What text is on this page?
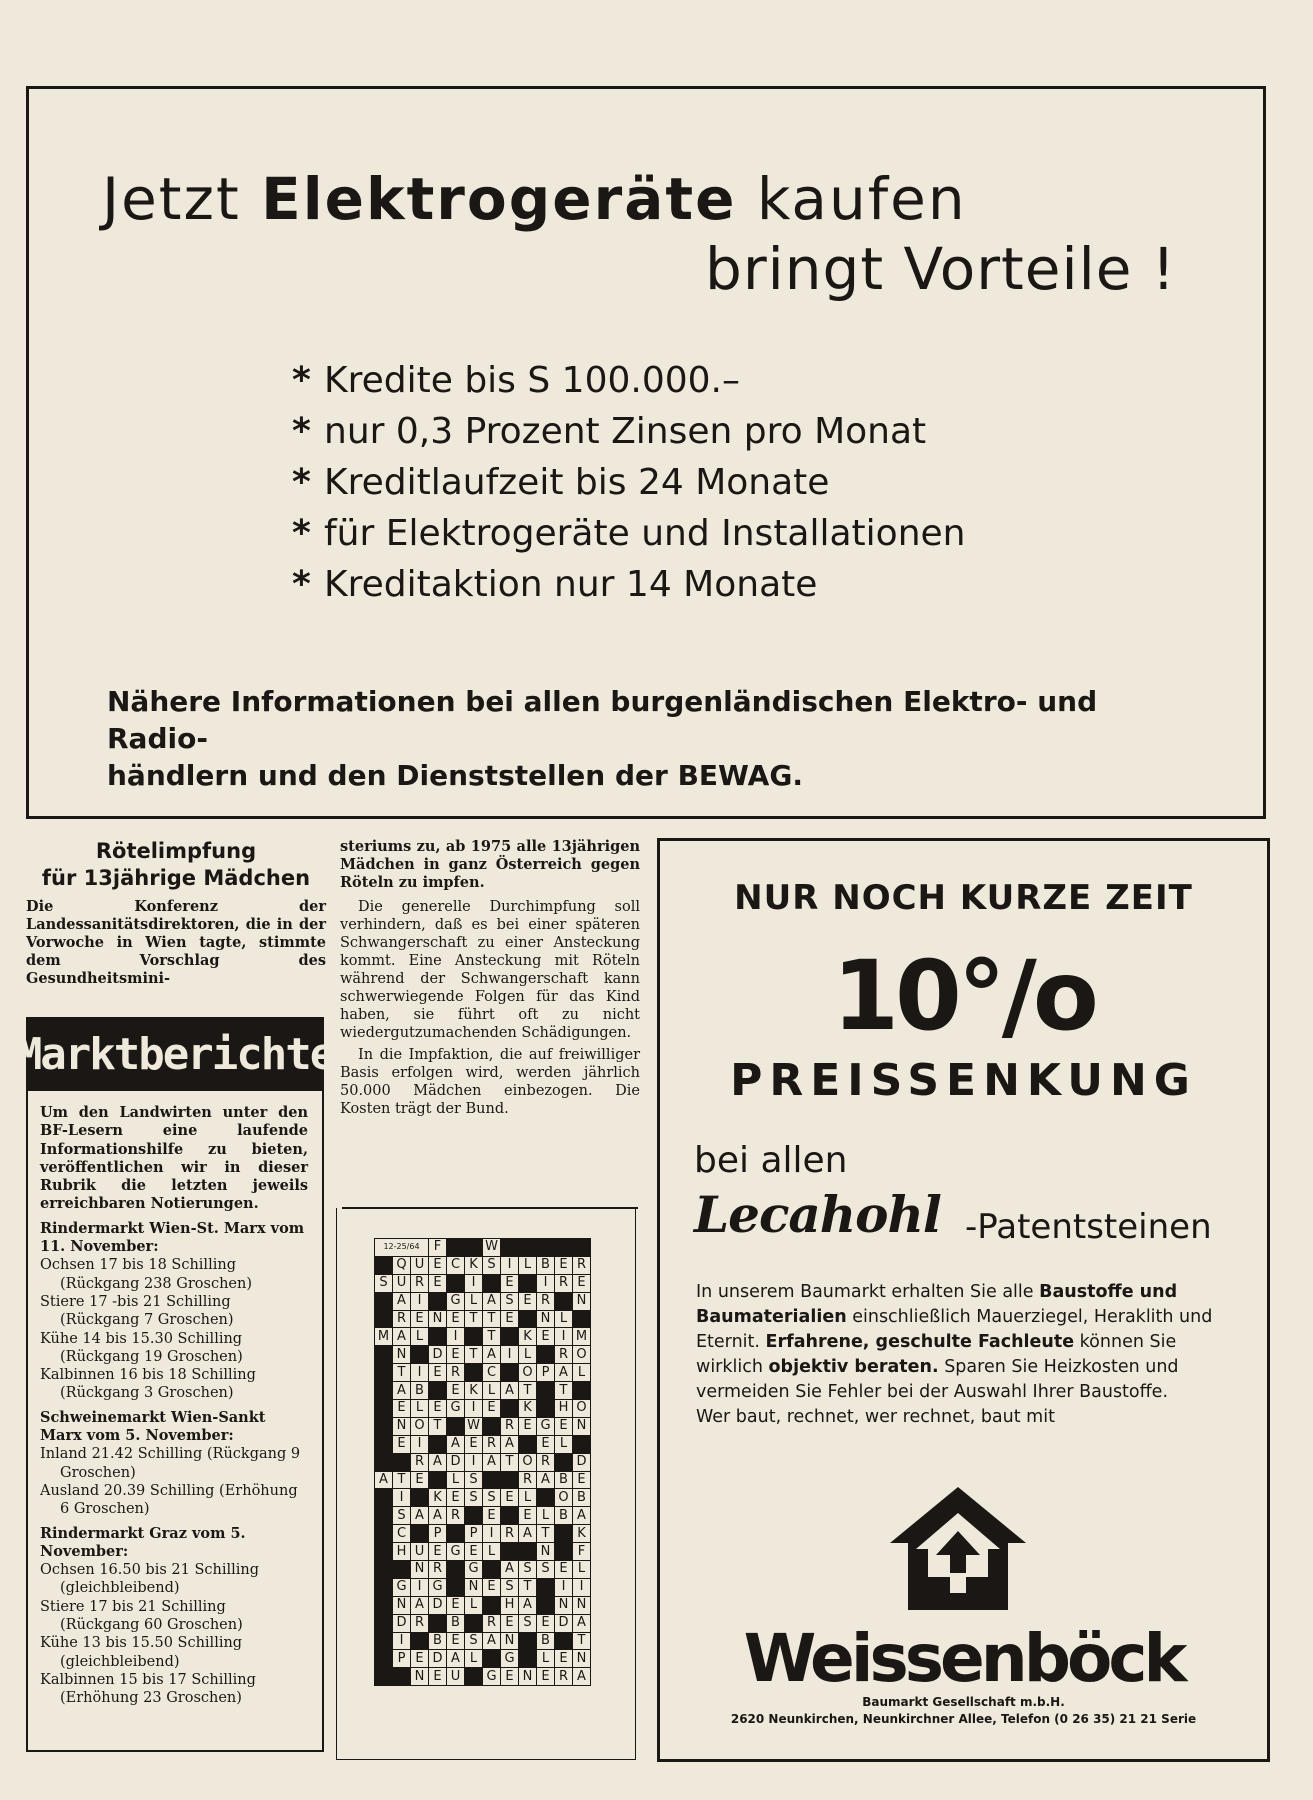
Jetzt Elektrogeräte kaufen
bringt Vorteile !
* Kredite bis S 100.000.–
* nur 0,3 Prozent Zinsen pro Monat
* Kreditlaufzeit bis 24 Monate
* für Elektrogeräte und Installationen
* Kreditaktion nur 14 Monate
Nähere Informationen bei allen burgenländischen Elektro- und Radio-
händlern und den Dienststellen der BEWAG.
Rötelimpfung
für 13jährige Mädchen
Die Konferenz der Landessanitätsdirektoren, die in der Vorwoche in Wien tagte, stimmte dem Vorschlag des Gesundheitsmini-
Marktberichte
Um den Landwirten unter den BF-Lesern eine laufende Informationshilfe zu bieten, veröffentlichen wir in dieser Rubrik die letzten jeweils erreichbaren Notierungen.
Rindermarkt Wien-St. Marx vom 11. November:
Ochsen 17 bis 18 Schilling (Rückgang 238 Groschen)
Stiere 17 -bis 21 Schilling (Rückgang 7 Groschen)
Kühe 14 bis 15.30 Schilling (Rückgang 19 Groschen)
Kalbinnen 16 bis 18 Schilling (Rückgang 3 Groschen)
Schweinemarkt Wien-Sankt Marx vom 5. November:
Inland 21.42 Schilling (Rückgang 9 Groschen)
Ausland 20.39 Schilling (Erhöhung 6 Groschen)
Rindermarkt Graz vom 5. November:
Ochsen 16.50 bis 21 Schilling (gleichbleibend)
Stiere 17 bis 21 Schilling (Rückgang 60 Groschen)
Kühe 13 bis 15.50 Schilling (gleichbleibend)
Kalbinnen 15 bis 17 Schilling (Erhöhung 23 Groschen)
steriums zu, ab 1975 alle 13jährigen Mädchen in ganz Österreich gegen Röteln zu impfen.

Die generelle Durchimpfung soll verhindern, daß es bei einer späteren Schwangerschaft zu einer Ansteckung kommt. Eine Ansteckung mit Röteln während der Schwangerschaft kann schwerwiegende Folgen für das Kind haben, sie führt oft zu nicht wiedergutzumachenden Schädigungen.

In die Impfaktion, die auf freiwilliger Basis erfolgen wird, werden jährlich 50.000 Mädchen einbezogen. Die Kosten trägt der Bund.

12-25/64			F			W					
	Q	U	E	C	K	S	I	L	B	E	R
S	U	R	E		I		E		I	R	E
	A	I		G	L	A	S	E	R		N
	R	E	N	E	T	T	E		N	L	
M	A	L		I		T		K	E	I	M
	N		D	E	T	A	I	L		R	O
	T	I	E	R		C		O	P	A	L
	A	B		E	K	L	A	T		T	
	E	L	E	G	I	E		K		H	O
	N	O	T		W		R	E	G	E	N
	E	I		A	E	R	A		E	L	
		R	A	D	I	A	T	O	R		D
A	T	E		L	S			R	A	B	E
	I		K	E	S	S	E	L		O	B
	S	A	A	R		E		E	L	B	A
	C		P		P	I	R	A	T		K
	H	U	E	G	E	L			N		F
		N	R		G		A	S	S	E	L
	G	I	G		N	E	S	T		I	I
	N	A	D	E	L		H	A		N	N
	D	R		B		R	E	S	E	D	A
	I		B	E	S	A	N		B		T
	P	E	D	A	L		G		L	E	N
		N	E	U		G	E	N	E	R	A
NUR NOCH KURZE ZEIT
10°/o
PREISSENKUNG
bei allen
Lecahohl -Patentsteinen
In unserem Baumarkt erhalten Sie alle Baustoffe und Baumaterialien einschließlich Mauerziegel, Heraklith und Eternit. Erfahrene, geschulte Fachleute können Sie wirklich objektiv beraten. Sparen Sie Heizkosten und vermeiden Sie Fehler bei der Auswahl Ihrer Baustoffe.
Wer baut, rechnet, wer rechnet, baut mit
Weissenböck
Baumarkt Gesellschaft m.b.H.
2620 Neunkirchen, Neunkirchner Allee, Telefon (0 26 35) 21 21 Serie
